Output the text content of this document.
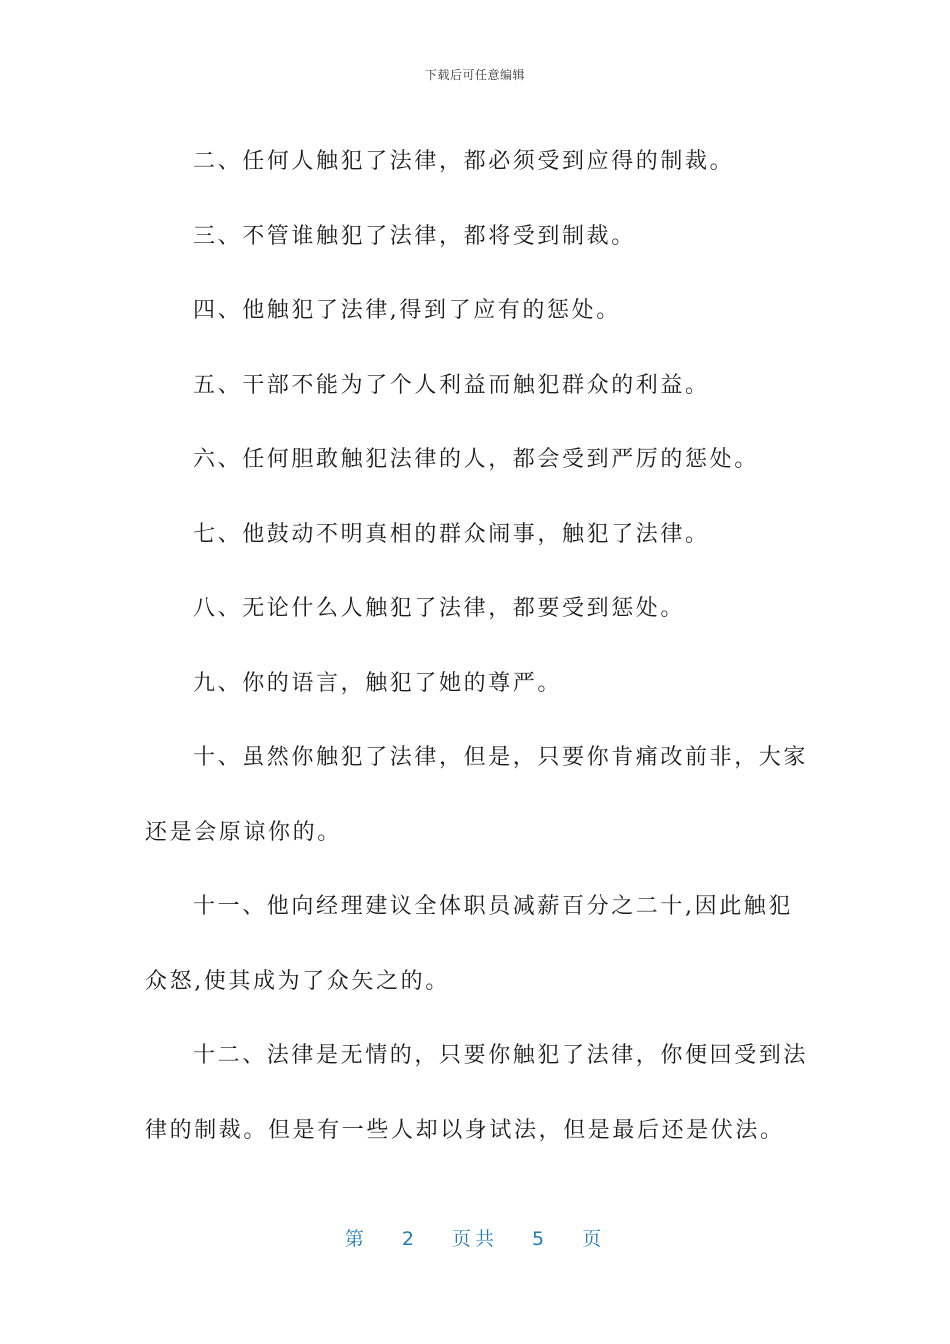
下载后可任意编辑

二、任何人触犯了法律，都必须受到应得的制裁。

三、不管谁触犯了法律，都将受到制裁。

四、他触犯了法律,得到了应有的惩处。

五、干部不能为了个人利益而触犯群众的利益。

六、任何胆敢触犯法律的人，都会受到严厉的惩处。

七、他鼓动不明真相的群众闹事，触犯了法律。

八、无论什么人触犯了法律，都要受到惩处。

九、你的语言，触犯了她的尊严。

十、虽然你触犯了法律，但是，只要你肯痛改前非，大家还是会原谅你的。

十一、他向经理建议全体职员减薪百分之二十,因此触犯众怒,使其成为了众矢之的。

十二、法律是无情的，只要你触犯了法律，你便回受到法律的制裁。但是有一些人却以身试法，但是最后还是伏法。

第 2 页共 5 页
